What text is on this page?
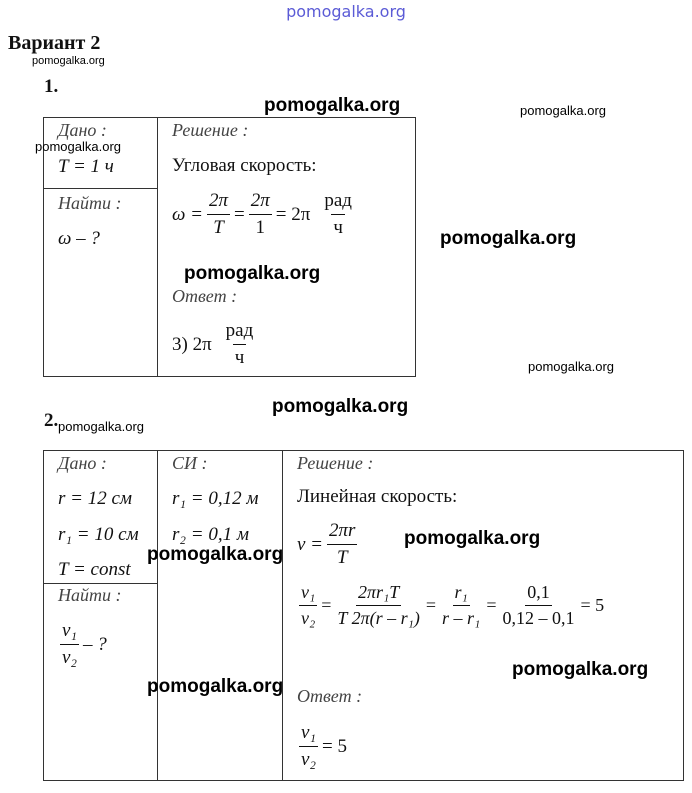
pomogalka.org
Вариант 2
pomogalka.org
1.
Дано :
T = 1 ч
Найти :
ω – ?
Решение :
Угловая скорость:
$\omega = \frac{2\pi}{T} = \frac{2\pi}{1} = 2\pi \frac{\text{рад}}{ч}$
Ответ :
3) $2\pi \frac{\text{рад}}{ч}$
2.
Дано :
r = 12 см
r₁ = 10 см
T = const
Найти :
$\frac{\text{v₁}}{\text{v₂}}$ – ?
СИ :
r₁ = 0,12 м
r₂ = 0,1 м
Решение :
Линейная скорость:
$v = \frac{2\pi r}{T}$
$\frac{\text{v₁}}{\text{v₂}} = \frac{\text{2πr₁T}}{\text{T 2π(r – r₁)}} = \frac{\text{r₁}}{\text{r – r₁}} = \frac{0,1}{0,12 - 0,1} = 5$
Ответ :
$\frac{\text{v₁}}{\text{v₂}} = 5$
pomogalka.org	pomogalka.org
pomogalka.org
pomogalka.org
pomogalka.org
pomogalka.org
pomogalka.org
pomogalka.org
pomogalka.org
pomogalka.org
pomogalka.org
pomogalka.org
